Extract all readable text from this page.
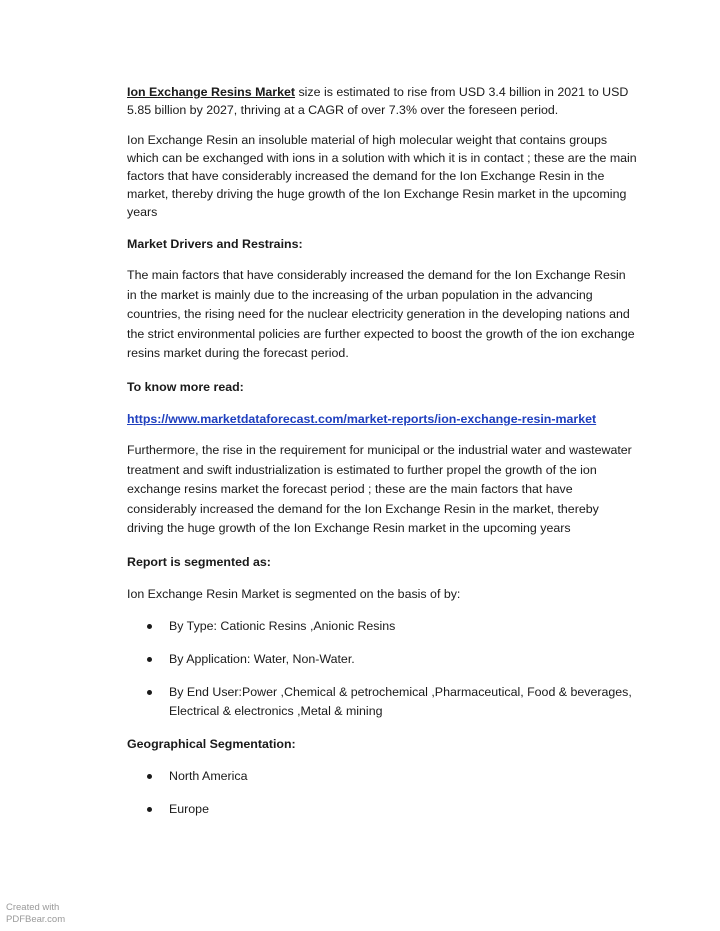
Ion Exchange Resins Market size is estimated to rise from USD 3.4 billion in 2021 to USD 5.85 billion by 2027, thriving at a CAGR of over 7.3% over the foreseen period.

Ion Exchange Resin an insoluble material of high molecular weight that contains groups which can be exchanged with ions in a solution with which it is in contact ; these are the main factors that have considerably increased the demand for the Ion Exchange Resin in the market, thereby driving the huge growth of the Ion Exchange Resin market in the upcoming years

Market Drivers and Restrains:

The main factors that have considerably increased the demand for the Ion Exchange Resin in the market is mainly due to the increasing of the urban population in the advancing countries, the rising need for the nuclear electricity generation in the developing nations and the strict environmental policies are further expected to boost the growth of the ion exchange resins market during the forecast period.

To know more read:

https://www.marketdataforecast.com/market-reports/ion-exchange-resin-market

Furthermore, the rise in the requirement for municipal or the industrial water and wastewater treatment and swift industrialization is estimated to further propel the growth of the ion exchange resins market the forecast period ; these are the main factors that have considerably increased the demand for the Ion Exchange Resin in the market, thereby driving the huge growth of the Ion Exchange Resin market in the upcoming years

Report is segmented as:

Ion Exchange Resin Market is segmented on the basis of by:

By Type: Cationic Resins ,Anionic Resins
By Application: Water, Non-Water.
By End User:Power ,Chemical & petrochemical ,Pharmaceutical, Food & beverages, Electrical & electronics ,Metal & mining

Geographical Segmentation:

North America
Europe
Created with
PDFBear.com
